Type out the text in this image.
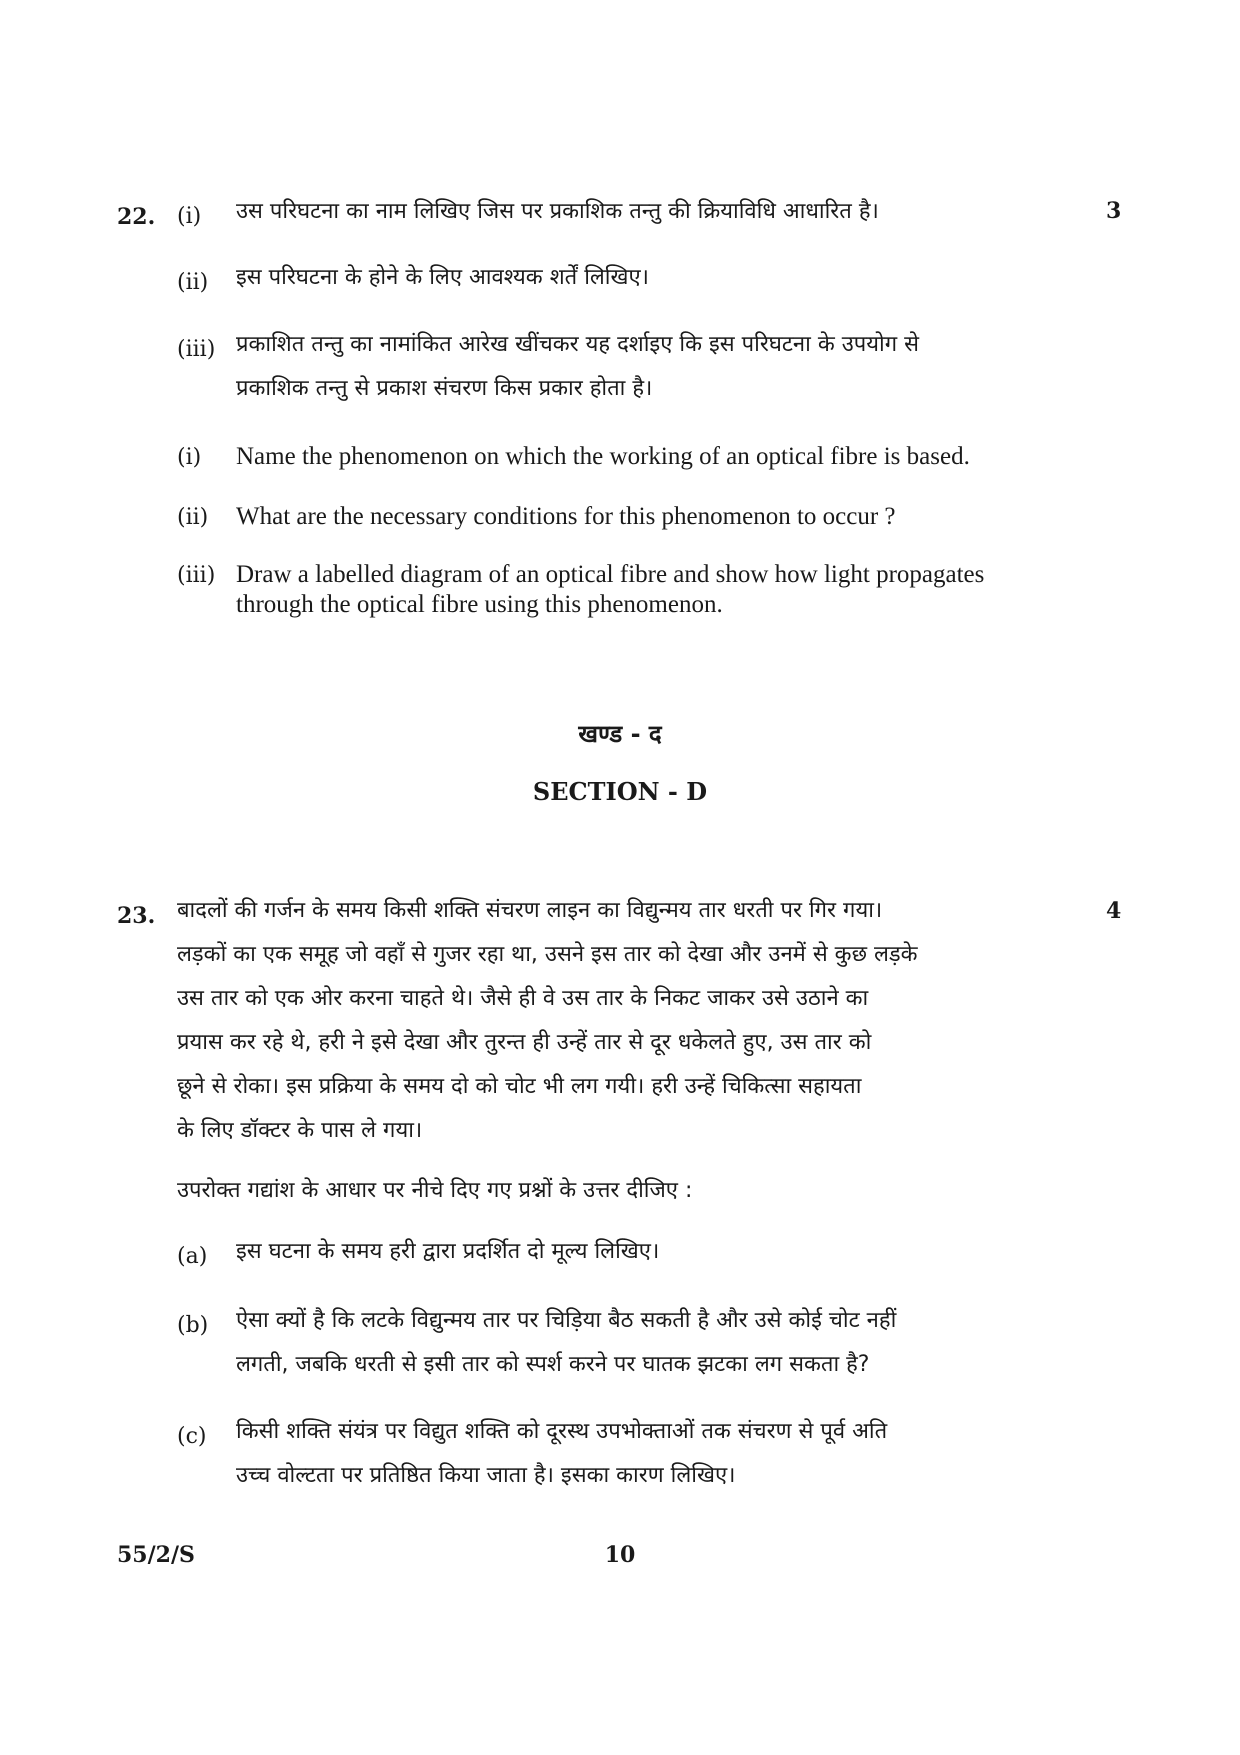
22.	3
(i) उस परिघटना का नाम लिखिए जिस पर प्रकाशिक तन्तु की क्रियाविधि आधारित है।
(ii) इस परिघटना के होने के लिए आवश्यक शर्तें लिखिए।
(iii) प्रकाशित तन्तु का नामांकित आरेख खींचकर यह दर्शाइए कि इस परिघटना के उपयोग से
प्रकाशिक तन्तु से प्रकाश संचरण किस प्रकार होता है।
(i) Name the phenomenon on which the working of an optical fibre is based.
(ii) What are the necessary conditions for this phenomenon to occur ?
(iii) Draw a labelled diagram of an optical fibre and show how light propagates
through the optical fibre using this phenomenon.
खण्ड - द
SECTION - D
23.	4
बादलों की गर्जन के समय किसी शक्ति संचरण लाइन का विद्युन्मय तार धरती पर गिर गया।
लड़कों का एक समूह जो वहाँ से गुजर रहा था, उसने इस तार को देखा और उनमें से कुछ लड़के
उस तार को एक ओर करना चाहते थे। जैसे ही वे उस तार के निकट जाकर उसे उठाने का
प्रयास कर रहे थे, हरी ने इसे देखा और तुरन्त ही उन्हें तार से दूर धकेलते हुए, उस तार को
छूने से रोका। इस प्रक्रिया के समय दो को चोट भी लग गयी। हरी उन्हें चिकित्सा सहायता
के लिए डॉक्टर के पास ले गया।
उपरोक्त गद्यांश के आधार पर नीचे दिए गए प्रश्नों के उत्तर दीजिए :
(a) इस घटना के समय हरी द्वारा प्रदर्शित दो मूल्य लिखिए।
(b) ऐसा क्यों है कि लटके विद्युन्मय तार पर चिड़िया बैठ सकती है और उसे कोई चोट नहीं
लगती, जबकि धरती से इसी तार को स्पर्श करने पर घातक झटका लग सकता है?
(c) किसी शक्ति संयंत्र पर विद्युत शक्ति को दूरस्थ उपभोक्ताओं तक संचरण से पूर्व अति
उच्च वोल्टता पर प्रतिष्ठित किया जाता है। इसका कारण लिखिए।
55/2/S	10
